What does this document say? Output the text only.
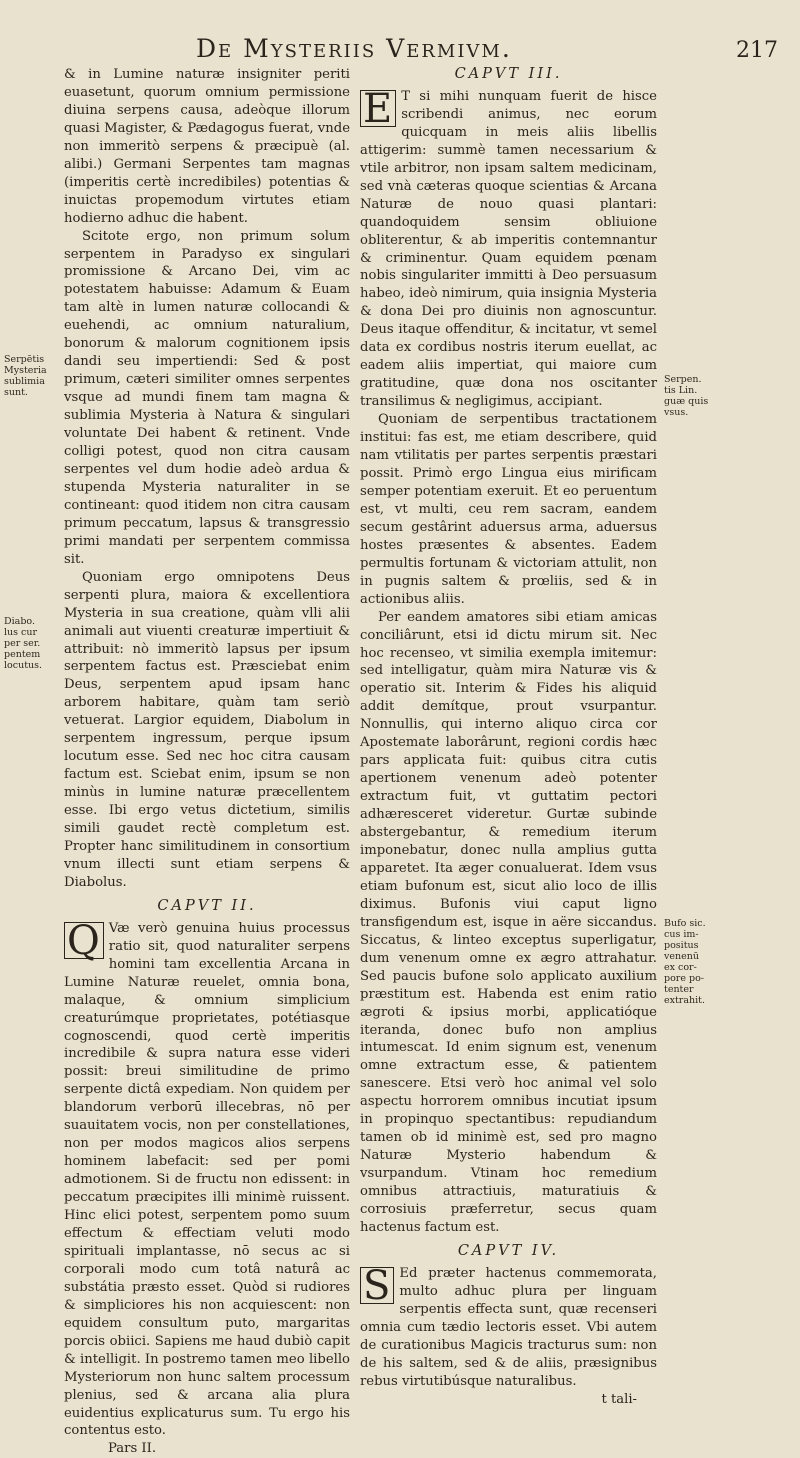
De Mysteriis Vermivm.	217

& in Lumine naturæ insigniter periti euasetunt, quorum omnium permissione diuina serpens causa, adeòque illorum quasi Magister, & Pædagogus fuerat, vnde non immeritò serpens & præcipuè (al. alibi.) Germani Serpentes tam magnas (imperitis certè incredibiles) potentias & inuictas propemodum virtutes etiam hodierno adhuc die habent.

Scitote ergo, non primum solum serpentem in Paradyso ex singulari promissione & Arcano Dei, vim ac potestatem habuisse: Adamum & Euam tam altè in lumen naturæ collocandi & euehendi, ac omnium naturalium, bonorum & malorum cognitionem ipsis dandi seu impertiendi: Sed & post primum, cæteri similiter omnes serpentes vsque ad mundi finem tam magna & sublimia Mysteria à Natura & singulari voluntate Dei habent & retinent. Vnde colligi potest, quod non citra causam serpentes vel dum hodie adeò ardua & stupenda Mysteria naturaliter in se contineant: quod itidem non citra causam primum peccatum, lapsus & transgressio primi mandati per serpentem commissa sit.

Quoniam ergo omnipotens Deus serpenti plura, maiora & excellentiora Mysteria in sua creatione, quàm vlli alii animali aut viuenti creaturæ impertiuit & attribuit: nò immeritò lapsus per ipsum serpentem factus est. Præsciebat enim Deus, serpentem apud ipsam hanc arborem habitare, quàm tam seriò vetuerat. Largior equidem, Diabolum in serpentem ingressum, perque ipsum locutum esse. Sed nec hoc citra causam factum est. Sciebat enim, ipsum se non minùs in lumine naturæ præcellentem esse. Ibi ergo vetus dictetium, similis simili gaudet rectè completum est. Propter hanc similitudinem in consortium vnum illecti sunt etiam serpens & Diabolus.

CAPVT II.

Q Væ verò genuina huius processus ratio sit, quod naturaliter serpens homini tam excellentia Arcana in Lumine Naturæ reuelet, omnia bona, malaque, & omnium simplicium creaturúmque proprietates, potétiasque cognoscendi, quod certè imperitis incredibile & supra natura esse videri possit: breui similitudine de primo serpente dictâ expediam. Non quidem per blandorum verborū illecebras, nō per suauitatem vocis, non per constellationes, non per modos magicos alios serpens hominem labefacit: sed per pomi admotionem. Si de fructu non edissent: in peccatum præcipites illi minimè ruissent. Hinc elici potest, serpentem pomo suum effectum & effectiam veluti modo spirituali implantasse, nō secus ac si corporali modo cum totâ naturâ ac substátia præsto esset. Quòd si rudiores & simpliciores his non acquiescent: non equidem consultum puto, margaritas porcis obiici. Sapiens me haud dubiò capit & intelligit. In postremo tamen meo libello Mysteriorum non hunc saltem processum plenius, sed & arcana alia plura euidentius explicaturus sum. Tu ergo his contentus esto.

Pars II.
CAPVT III.

E T si mihi nunquam fuerit de hisce scribendi animus, nec eorum quicquam in meis aliis libellis attigerim: summè tamen necessarium & vtile arbitror, non ipsam saltem medicinam, sed vnà cæteras quoque scientias & Arcana Naturæ de nouo quasi plantari: quandoquidem sensim obliuione obliterentur, & ab imperitis contemnantur & criminentur. Quam equidem pœnam nobis singulariter immitti à Deo persuasum habeo, ideò nimirum, quia insignia Mysteria & dona Dei pro diuinis non agnoscuntur. Deus itaque offenditur, & incitatur, vt semel data ex cordibus nostris iterum euellat, ac eadem aliis impertiat, qui maiore cum gratitudine, quæ dona nos oscitanter transilimus & negligimus, accipiant.

Quoniam de serpentibus tractationem institui: fas est, me etiam describere, quid nam vtilitatis per partes serpentis præstari possit. Primò ergo Lingua eius mirificam semper potentiam exeruit. Et eo peruentum est, vt multi, ceu rem sacram, eandem secum gestârint aduersus arma, aduersus hostes præsentes & absentes. Eadem permultis fortunam & victoriam attulit, non in pugnis saltem & prœliis, sed & in actionibus aliis.

Per eandem amatores sibi etiam amicas conciliârunt, etsi id dictu mirum sit. Nec hoc recenseo, vt similia exempla imitemur: sed intelligatur, quàm mira Naturæ vis & operatio sit. Interim & Fides his aliquid addit demítque, prout vsurpantur. Nonnullis, qui interno aliquo circa cor Apostemate laborârunt, regioni cordis hæc pars applicata fuit: quibus citra cutis apertionem venenum adeò potenter extractum fuit, vt guttatim pectori adhæresceret videretur. Gurtæ subinde abstergebantur, & remedium iterum imponebatur, donec nulla amplius gutta apparetet. Ita æger conualuerat. Idem vsus etiam bufonum est, sicut alio loco de illis diximus. Bufonis viui caput ligno transfigendum est, isque in aëre siccandus. Siccatus, & linteo exceptus superligatur, dum venenum omne ex ægro attrahatur. Sed paucis bufone solo applicato auxilium præstitum est. Habenda est enim ratio ægroti & ipsius morbi, applicatióque iteranda, donec bufo non amplius intumescat. Id enim signum est, venenum omne extractum esse, & patientem sanescere. Etsi verò hoc animal vel solo aspectu horrorem omnibus incutiat ipsum in propinquo spectantibus: repudiandum tamen ob id minimè est, sed pro magno Naturæ Mysterio habendum & vsurpandum. Vtinam hoc remedium omnibus attractiuis, maturatiuis & corrosiuis præferretur, secus quam hactenus factum est.

CAPVT IV.

S Ed præter hactenus commemorata, multo adhuc plura per linguam serpentis effecta sunt, quæ recenseri omnia cum tædio lectoris esset. Vbi autem de curationibus Magicis tracturus sum: non de his saltem, sed & de aliis, præsignibus rebus virtutibúsque naturalibus.

t tali-
Serpētis
Mysteria
sublimia
sunt.
Diabo.
lus cur
per ser.
pentem
locutus.
Serpen.
tis Lin.
guæ quis
vsus.
Bufo sic.
cus im-
positus
venenū
ex cor-
pore po-
tenter
extrahit.
